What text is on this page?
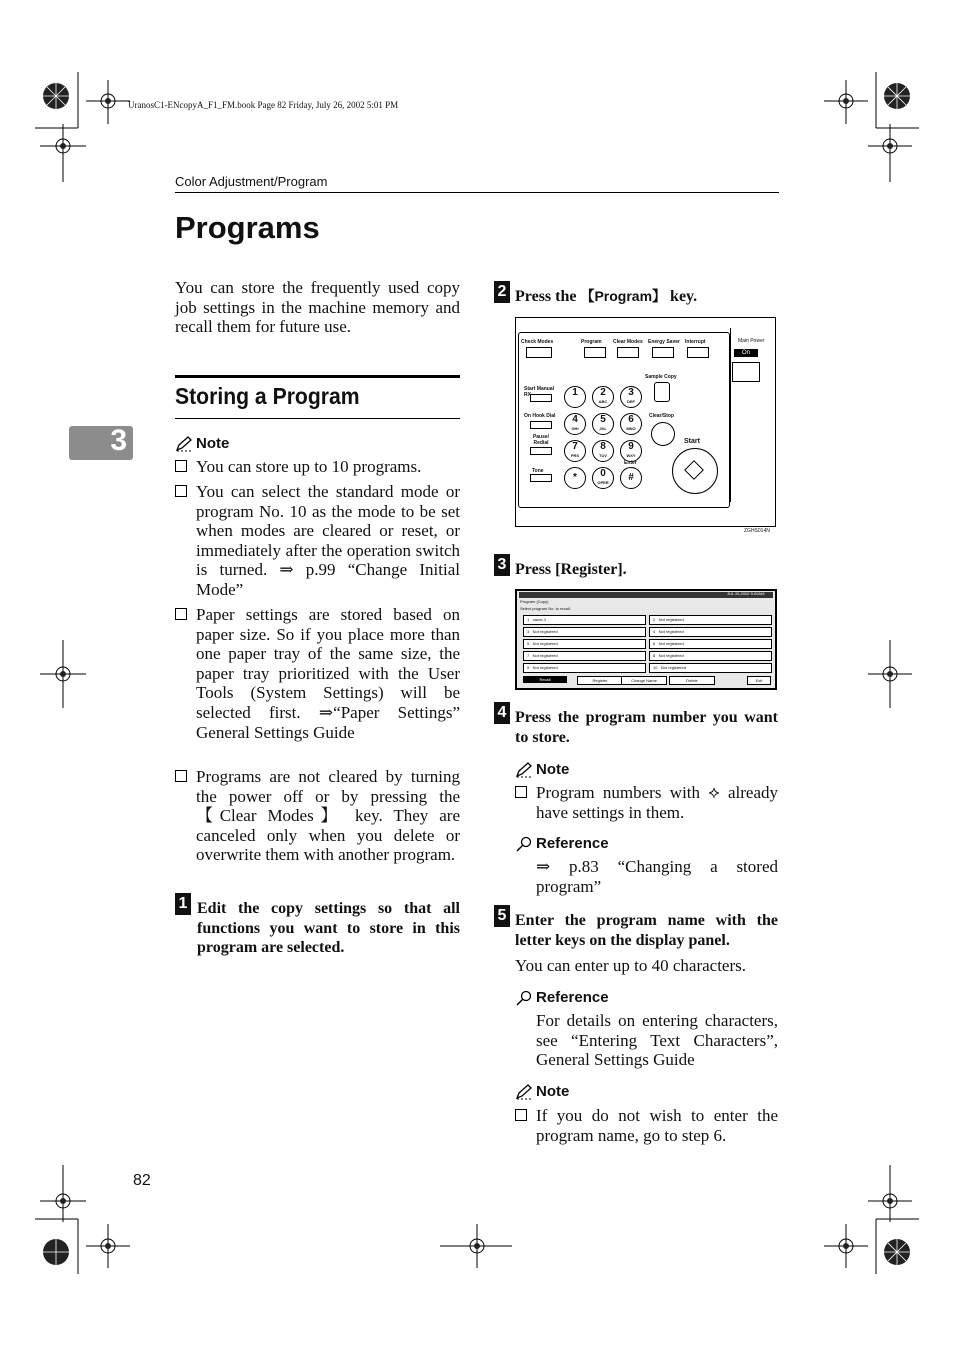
UranosC1-ENcopyA_F1_FM.book Page 82 Friday, July 26, 2002 5:01 PM
Color Adjustment/Program
Programs
You can store the frequently used copy job settings in the machine memory and recall them for future use.
Storing a Program
3	Note
You can store up to 10 programs.
You can select the standard mode or program No. 10 as the mode to be set when modes are cleared or reset, or immediately after the operation switch is turned. ⇒ p.99 “Change Initial Mode”
Paper settings are stored based on paper size. So if you place more than one paper tray of the same size, the paper tray prioritized with the User Tools (System Settings) will be selected first. ⇒“Paper Settings” General Settings Guide
Programs are not cleared by turning the power off or by pressing the 【Clear Modes】 key. They are canceled only when you delete or overwrite them with another program.
1 Edit the copy settings so that all functions you want to store in this program are selected.
2 Press the 【Program】 key.
Check Modes	Program Clear Modes Energy Saver Interrupt	Main Power
On
Start Manual RX
On Hook Dial
Pause/ Redial
Tone
1	2
ABC
3
DEF
4
GHI
5
JKL
6
MNO
7
PRS
8
TUV
9
WXY
*	0
OPER	#
Sample Copy
Clear/Stop
Enter
Start
ZGHS014N
3 Press [Register].
JUL 26,2002 5:00AM
Program (Copy)
Select program No. to recall.
1 name-1	2 Not registered
3 Not registered	4 Not registered
5 Not registered	6 Not registered
7 Not registered	8 Not registered
9 Not registered	10 Not registered
Recall	Register	Change Name	Delete	Exit
4 Press the program number you want to store.
Note
Program numbers with ⟡ already have settings in them.
Reference
⇒ p.83 “Changing a stored program”
5 Enter the program name with the letter keys on the display panel.
You can enter up to 40 characters.
Reference
For details on entering characters, see “Entering Text Characters”, General Settings Guide
Note
If you do not wish to enter the program name, go to step 6.
82
